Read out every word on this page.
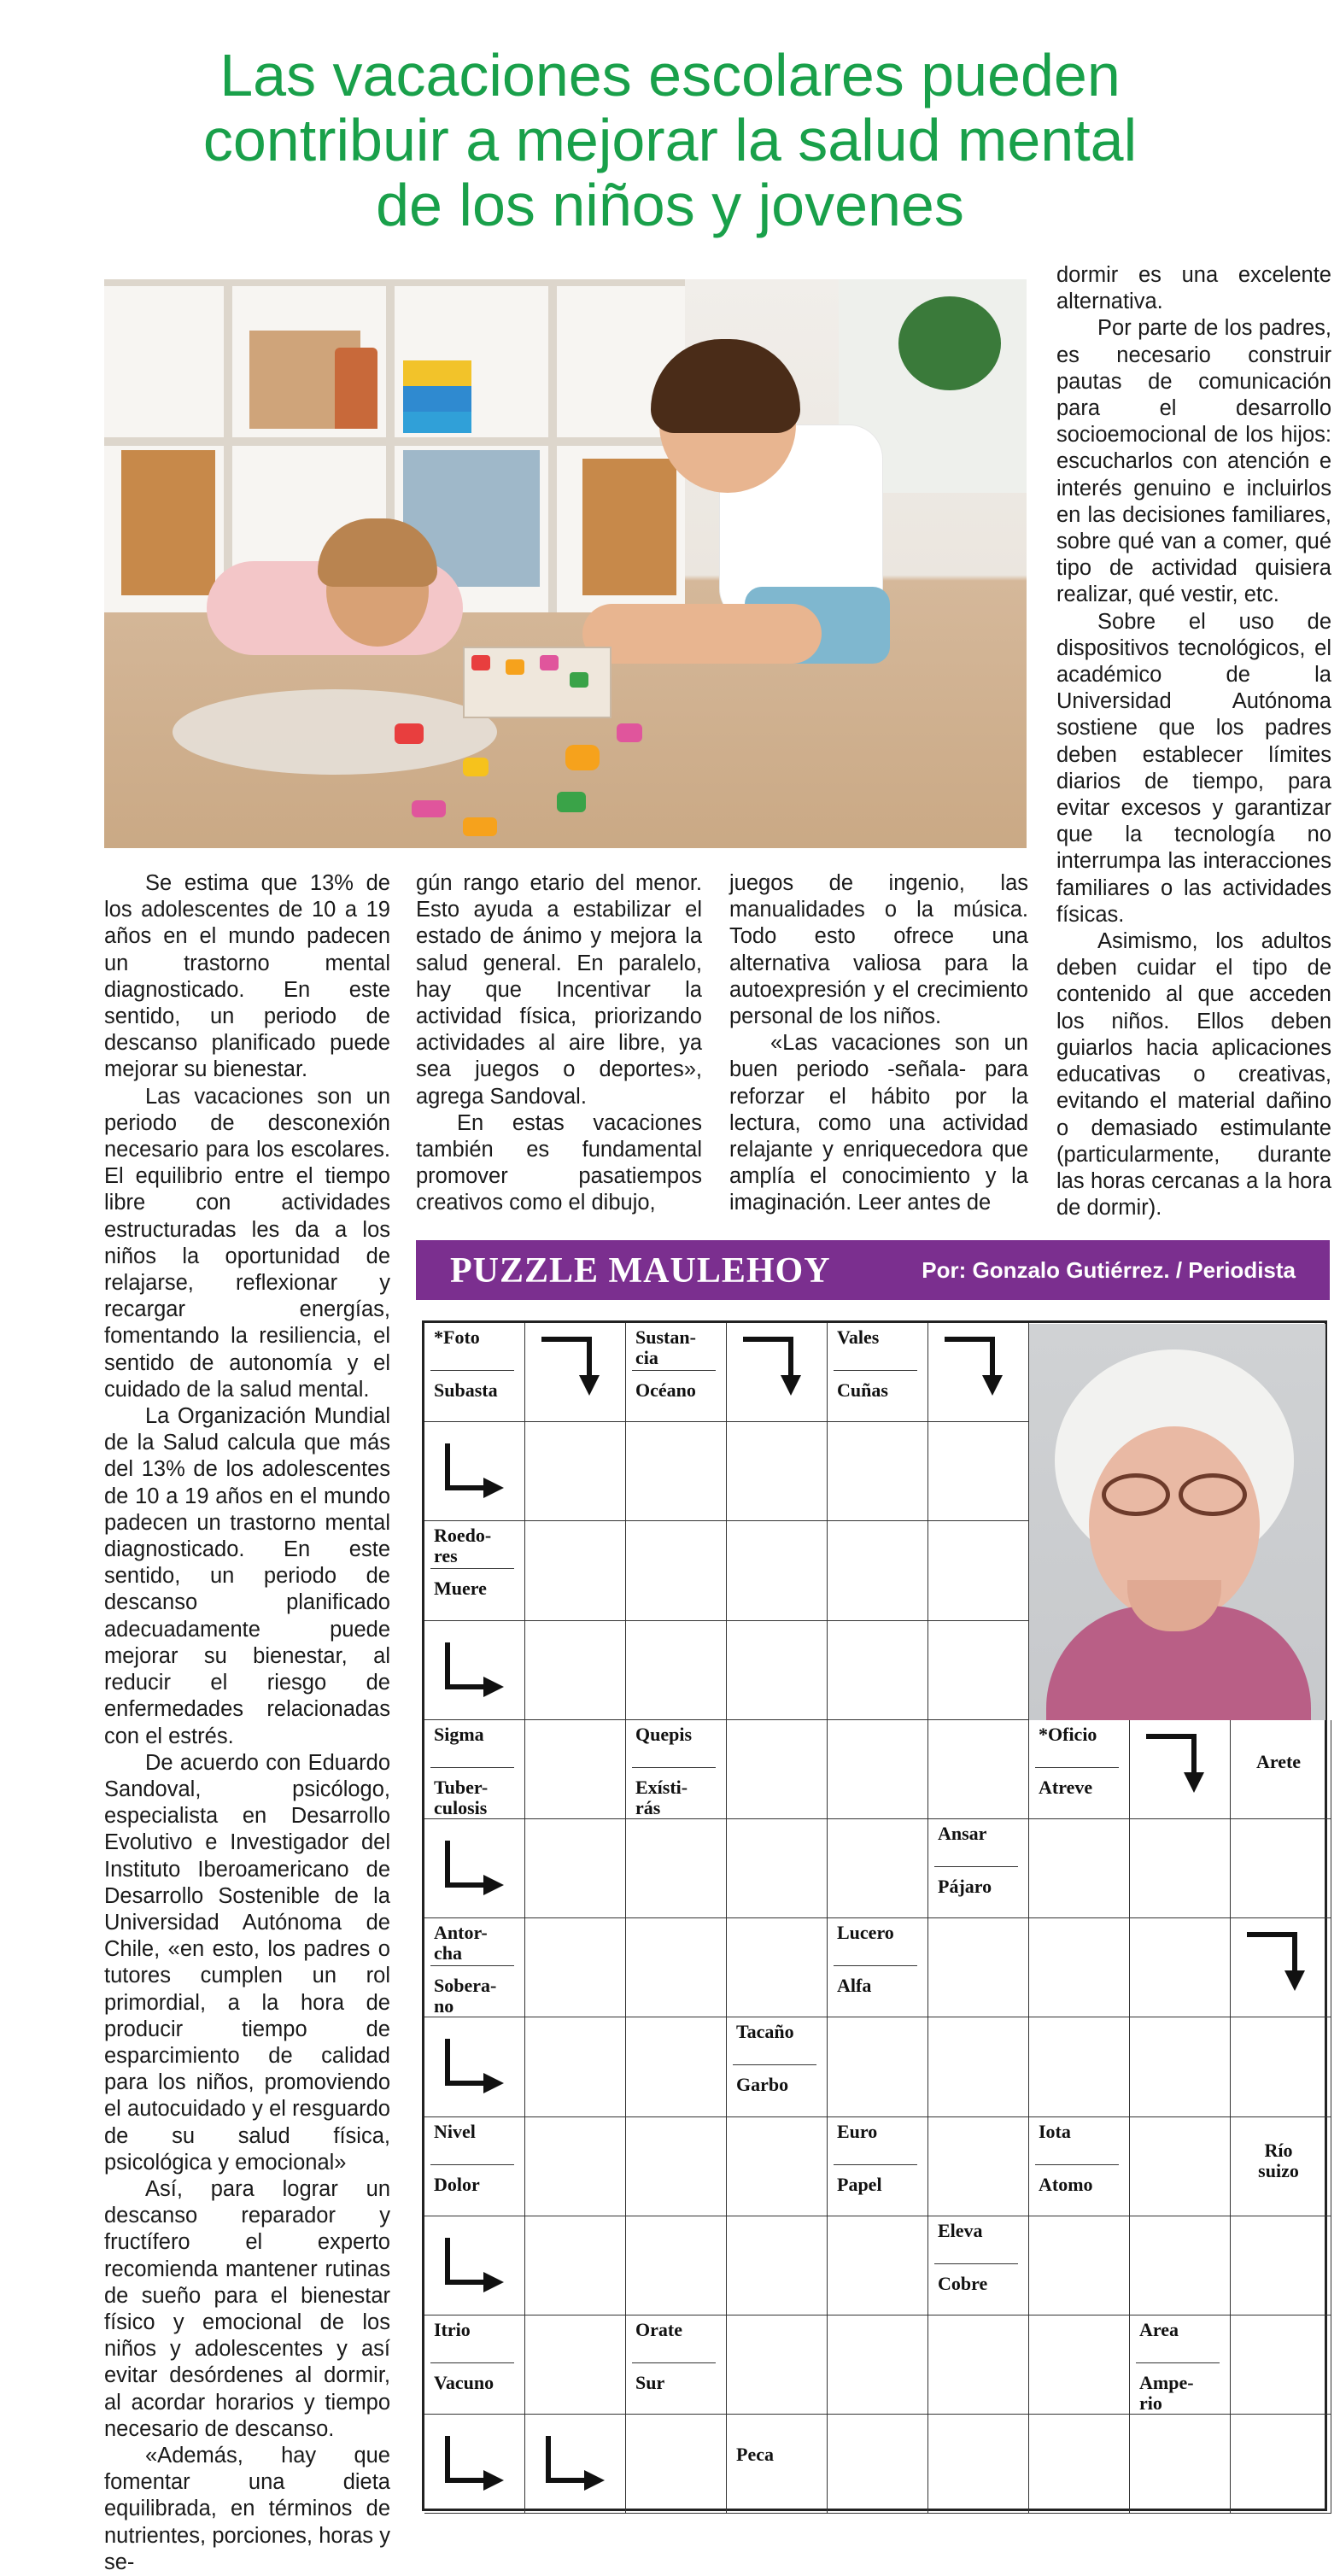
Las vacaciones escolares pueden
contribuir a mejorar la salud mental
de los niños y jovenes

Se estima que 13% de los adolescentes de 10 a 19 años en el mundo padecen un trastorno mental diagnosticado. En este sentido, un periodo de descanso planificado puede mejorar su bienestar.

Las vacaciones son un periodo de desconexión necesario para los escolares. El equilibrio entre el tiempo libre con actividades estructuradas les da a los niños la oportunidad de relajarse, reflexionar y recargar energías, fomentando la resiliencia, el sentido de autonomía y el cuidado de la salud mental.

La Organización Mundial de la Salud calcula que más del 13% de los adolescentes de 10 a 19 años en el mundo padecen un trastorno mental diagnosticado. En este sentido, un periodo de descanso planificado adecuadamente puede mejorar su bienestar, al reducir el riesgo de enfermedades relacionadas con el estrés.

De acuerdo con Eduardo Sandoval, psicólogo, especialista en Desarrollo Evolutivo e Investigador del Instituto Iberoamericano de Desarrollo Sostenible de la Universidad Autónoma de Chile, «en esto, los padres o tutores cumplen un rol primordial, a la hora de producir tiempo de esparcimiento de calidad para los niños, promoviendo el autocuidado y el resguardo de su salud física, psicológica y emocional»

Así, para lograr un descanso reparador y fructífero el experto recomienda mantener rutinas de sueño para el bienestar físico y emocional de los niños y adolescentes y así evitar desórdenes al dormir, al acordar horarios y tiempo necesario de descanso.

«Además, hay que fomentar una dieta equilibrada, en términos de nutrientes, porciones, horas y se-

gún rango etario del menor. Esto ayuda a estabilizar el estado de ánimo y mejora la salud general. En paralelo, hay que Incentivar la actividad física, priorizando actividades al aire libre, ya sea juegos o deportes», agrega Sandoval.

En estas vacaciones también es fundamental promover pasatiempos creativos como el dibujo,

juegos de ingenio, las manualidades o la música. Todo esto ofrece una alternativa valiosa para la autoexpresión y el crecimiento personal de los niños.

«Las vacaciones son un buen periodo -señala- para reforzar el hábito por la lectura, como una actividad relajante y enriquecedora que amplía el conocimiento y la imaginación. Leer antes de

dormir es una excelente alternativa.

Por parte de los padres, es necesario construir pautas de comunicación para el desarrollo socioemocional de los hijos: escucharlos con atención e interés genuino e incluirlos en las decisiones familiares, sobre qué van a comer, qué tipo de actividad quisiera realizar, qué vestir, etc.

Sobre el uso de dispositivos tecnológicos, el académico de la Universidad Autónoma sostiene que los padres deben establecer límites diarios de tiempo, para evitar excesos y garantizar que la tecnología no interrumpa las interacciones familiares o las actividades físicas.

Asimismo, los adultos deben cuidar el tipo de contenido al que acceden los niños. Ellos deben guiarlos hacia aplicaciones educativas o creativas, evitando el material dañino o demasiado estimulante (particularmente, durante las horas cercanas a la hora de dormir).

PUZZLE MAULEHOY	Por: Gonzalo Gutiérrez. / Periodista
*Foto
Subasta
Sustan-
cia
Océano
Vales
Cuñas
Roedo-
res
Muere
Sigma
Tuber-
culosis
Quepis
Exísti-
rás
*Oficio
Atreve
Arete
Ansar
Pájaro
Antor-
cha
Sobera-
no
Lucero
Alfa
Tacaño
Garbo
Nivel
Dolor
Euro
Papel
Iota
Atomo
Río
suizo
Eleva
Cobre
Itrio
Vacuno
Orate
Sur
Area
Ampe-
rio
Peca
